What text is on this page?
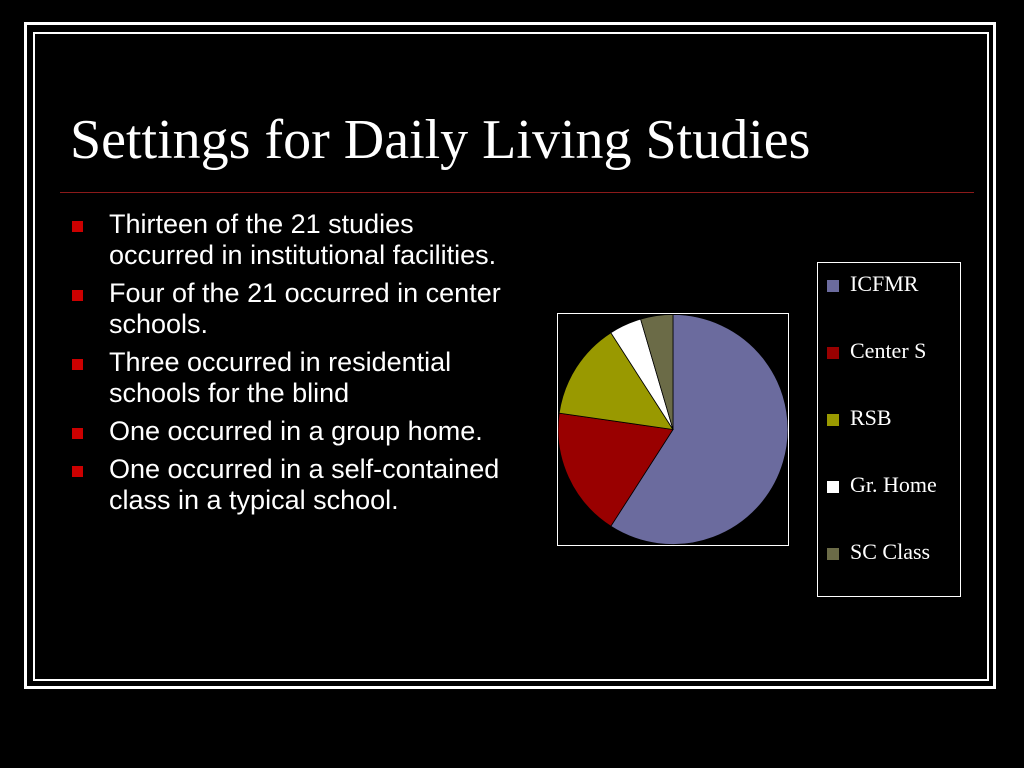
Settings for Daily Living Studies
Thirteen of the 21 studies occurred in institutional facilities.
Four of the 21 occurred in center schools.
Three occurred in residential schools for the blind
One occurred in a group home.
One occurred in a self-contained class in a typical school.
ICFMR
Center S
RSB
Gr. Home
SC Class
